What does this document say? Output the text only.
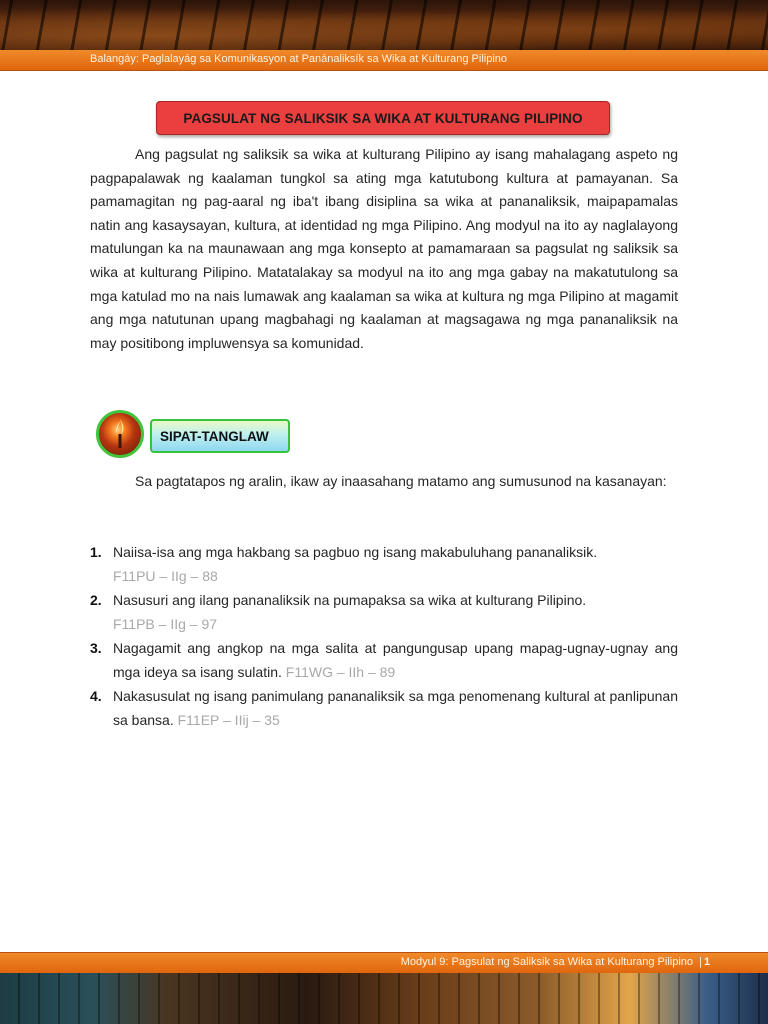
Balangáy: Paglalayág sa Komunikasyon at Panánaliksík sa Wika at Kulturang Pilipino
PAGSULAT NG SALIKSIK SA WIKA AT KULTURANG PILIPINO

Ang pagsulat ng saliksik sa wika at kulturang Pilipino ay isang mahalagang aspeto ng pagpapalawak ng kaalaman tungkol sa ating mga katutubong kultura at pamayanan. Sa pamamagitan ng pag-aaral ng iba't ibang disiplina sa wika at pananaliksik, maipapamalas natin ang kasaysayan, kultura, at identidad ng mga Pilipino. Ang modyul na ito ay naglalayong matulungan ka na maunawaan ang mga konsepto at pamamaraan sa pagsulat ng saliksik sa wika at kulturang Pilipino. Matatalakay sa modyul na ito ang mga gabay na makatutulong sa mga katulad mo na nais lumawak ang kaalaman sa wika at kultura ng mga Pilipino at magamit ang mga natutunan upang magbahagi ng kaalaman at magsagawa ng mga pananaliksik na may positibong impluwensya sa komunidad.

SIPAT-TANGLAW

Sa pagtatapos ng aralin, ikaw ay inaasahang matamo ang sumusunod na kasanayan:

1. Naiisa-isa ang mga hakbang sa pagbuo ng isang makabuluhang pananaliksik.
F11PU – IIg – 88
2. Nasusuri ang ilang pananaliksik na pumapaksa sa wika at kulturang Pilipino.
F11PB – IIg – 97
3. Nagagamit ang angkop na mga salita at pangungusap upang mapag-ugnay-ugnay ang mga ideya sa isang sulatin. F11WG – IIh – 89
4. Nakasusulat ng isang panimulang pananaliksik sa mga penomenang kultural at panlipunan sa bansa. F11EP – IIij – 35
Modyul 9: Pagsulat ng Saliksik sa Wika at Kulturang Pilipino | 1
